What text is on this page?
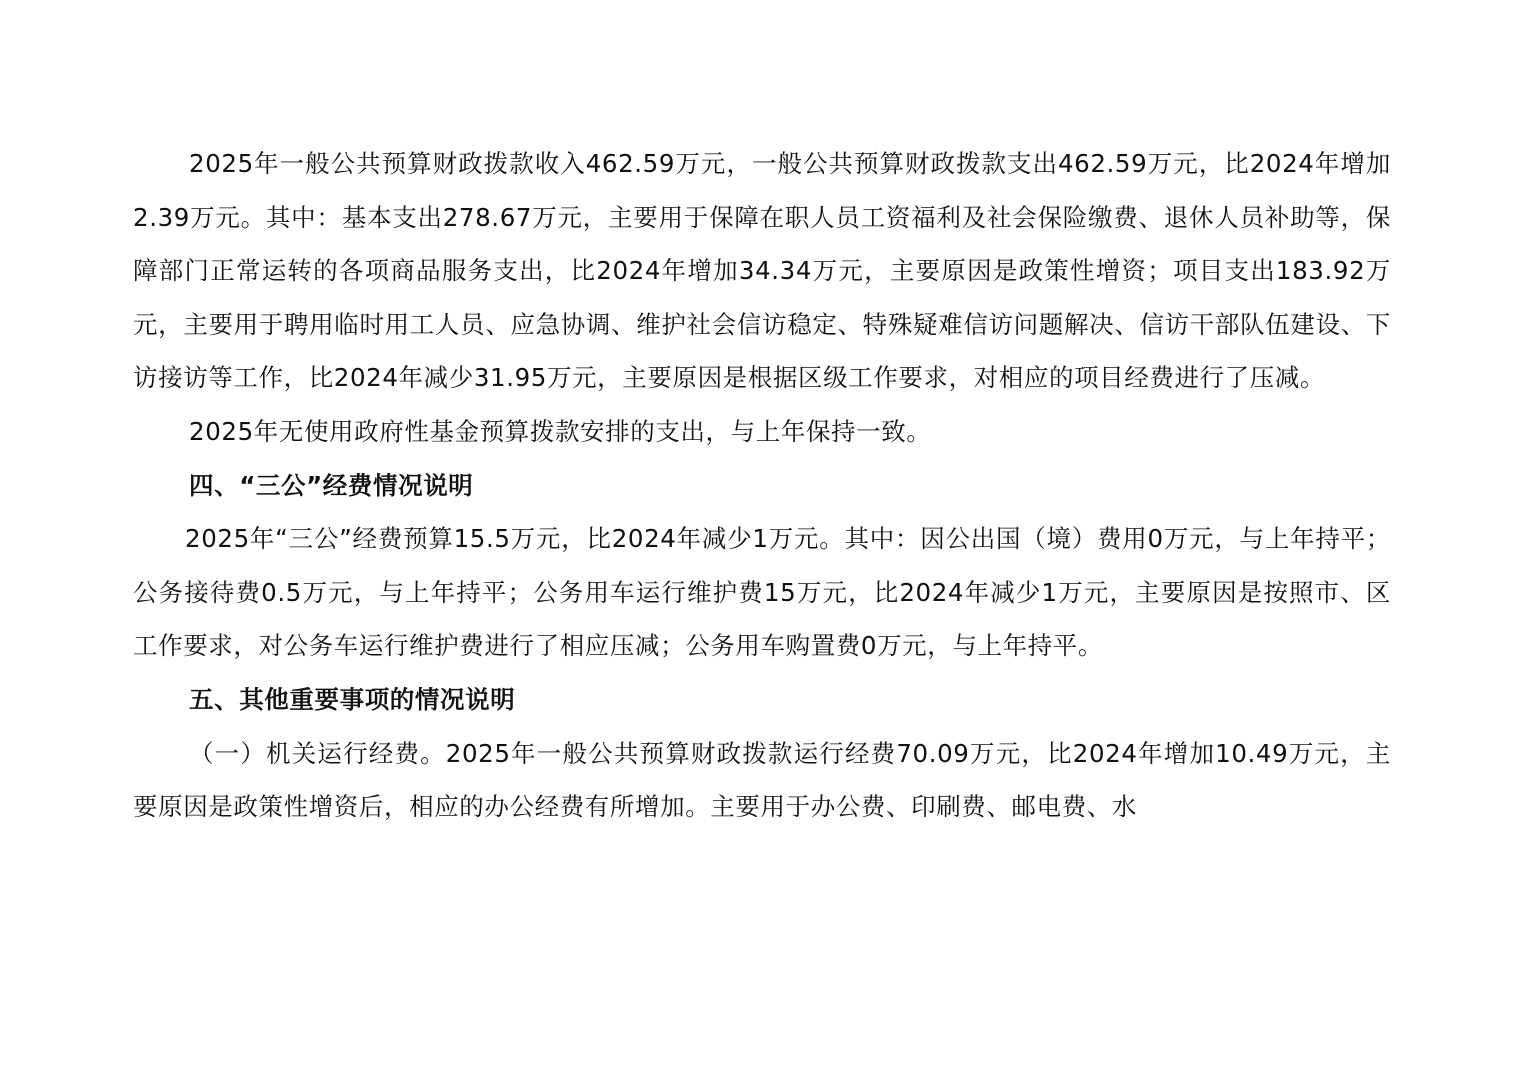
2025年一般公共预算财政拨款收入462.59万元，一般公共预算财政拨款支出462.59万元，比2024年增加2.39万元。其中：基本支出278.67万元，主要用于保障在职人员工资福利及社会保险缴费、退休人员补助等，保障部门正常运转的各项商品服务支出，比2024年增加34.34万元，主要原因是政策性增资；项目支出183.92万元，主要用于聘用临时用工人员、应急协调、维护社会信访稳定、特殊疑难信访问题解决、信访干部队伍建设、下访接访等工作，比2024年减少31.95万元，主要原因是根据区级工作要求，对相应的项目经费进行了压减。

2025年无使用政府性基金预算拨款安排的支出，与上年保持一致。

四、“三公”经费情况说明

2025年“三公”经费预算15.5万元，比2024年减少1万元。其中：因公出国（境）费用0万元，与上年持平；公务接待费0.5万元，与上年持平；公务用车运行维护费15万元，比2024年减少1万元，主要原因是按照市、区工作要求，对公务车运行维护费进行了相应压减；公务用车购置费0万元，与上年持平。

五、其他重要事项的情况说明

（一）机关运行经费。2025年一般公共预算财政拨款运行经费70.09万元，比2024年增加10.49万元，主要原因是政策性增资后，相应的办公经费有所增加。主要用于办公费、印刷费、邮电费、水
